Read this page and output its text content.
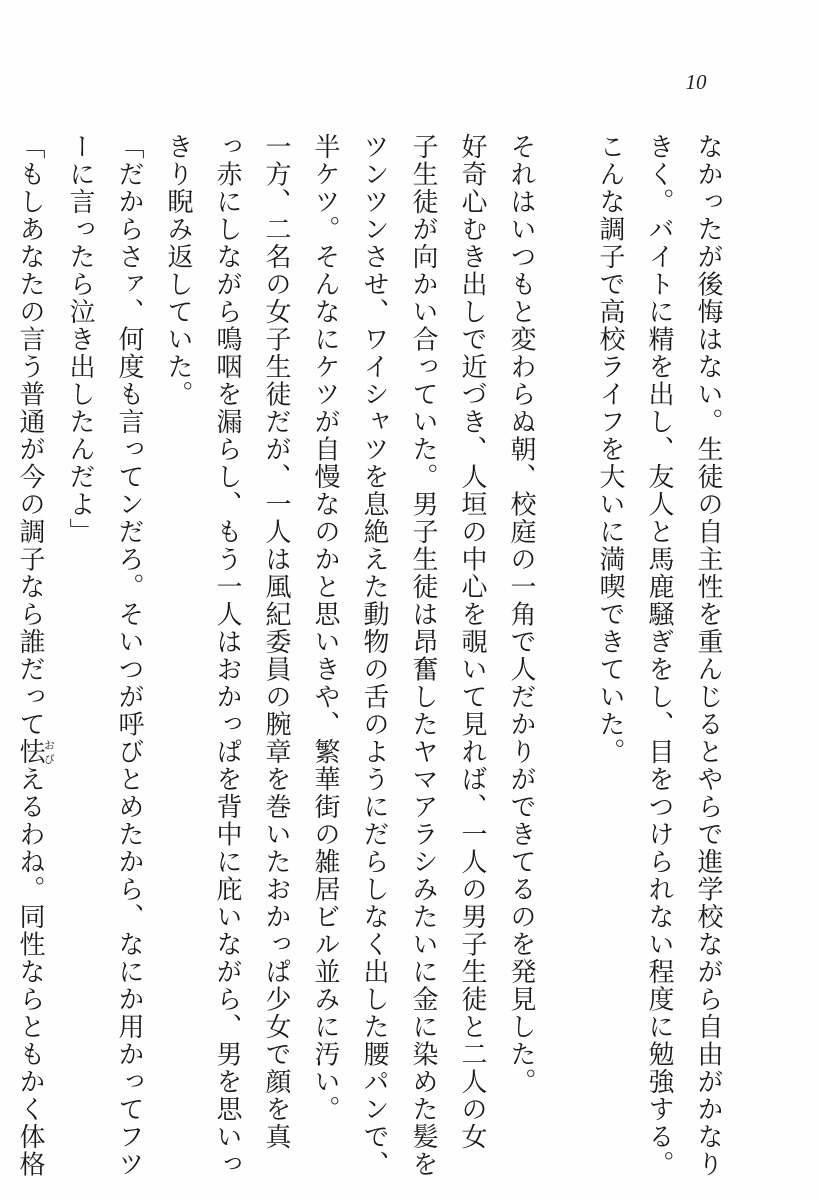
10
なかったが後悔はない。生徒の自主性を重んじるとやらで進学校ながら自由がかなり
きく。バイトに精を出し、友人と馬鹿騒ぎをし、目をつけられない程度に勉強する。
こんな調子で高校ライフを大いに満喫できていた。
それはいつもと変わらぬ朝、校庭の一角で人だかりができてるのを発見した。
好奇心むき出しで近づき、人垣の中心を覗いて見れば、一人の男子生徒と二人の女
子生徒が向かい合っていた。男子生徒は昂奮したヤマアラシみたいに金に染めた髪を
ツンツンさせ、ワイシャツを息絶えた動物の舌のようにだらしなく出した腰パンで、
半ケツ。そんなにケツが自慢なのかと思いきや、繁華街の雑居ビル並みに汚い。
一方、二名の女子生徒だが、一人は風紀委員の腕章を巻いたおかっぱ少女で顔を真
っ赤にしながら鳴咽を漏らし、もう一人はおかっぱを背中に庇いながら、男を思いっ
きり睨み返していた。
「だからさァ、何度も言ってンだろ。そいつが呼びとめたから、なにか用かってフツ
ーに言ったら泣き出したんだよ」
「もしあなたの言う普通が今の調子なら誰だって怯おびえるわね。同性ならともかく体格
